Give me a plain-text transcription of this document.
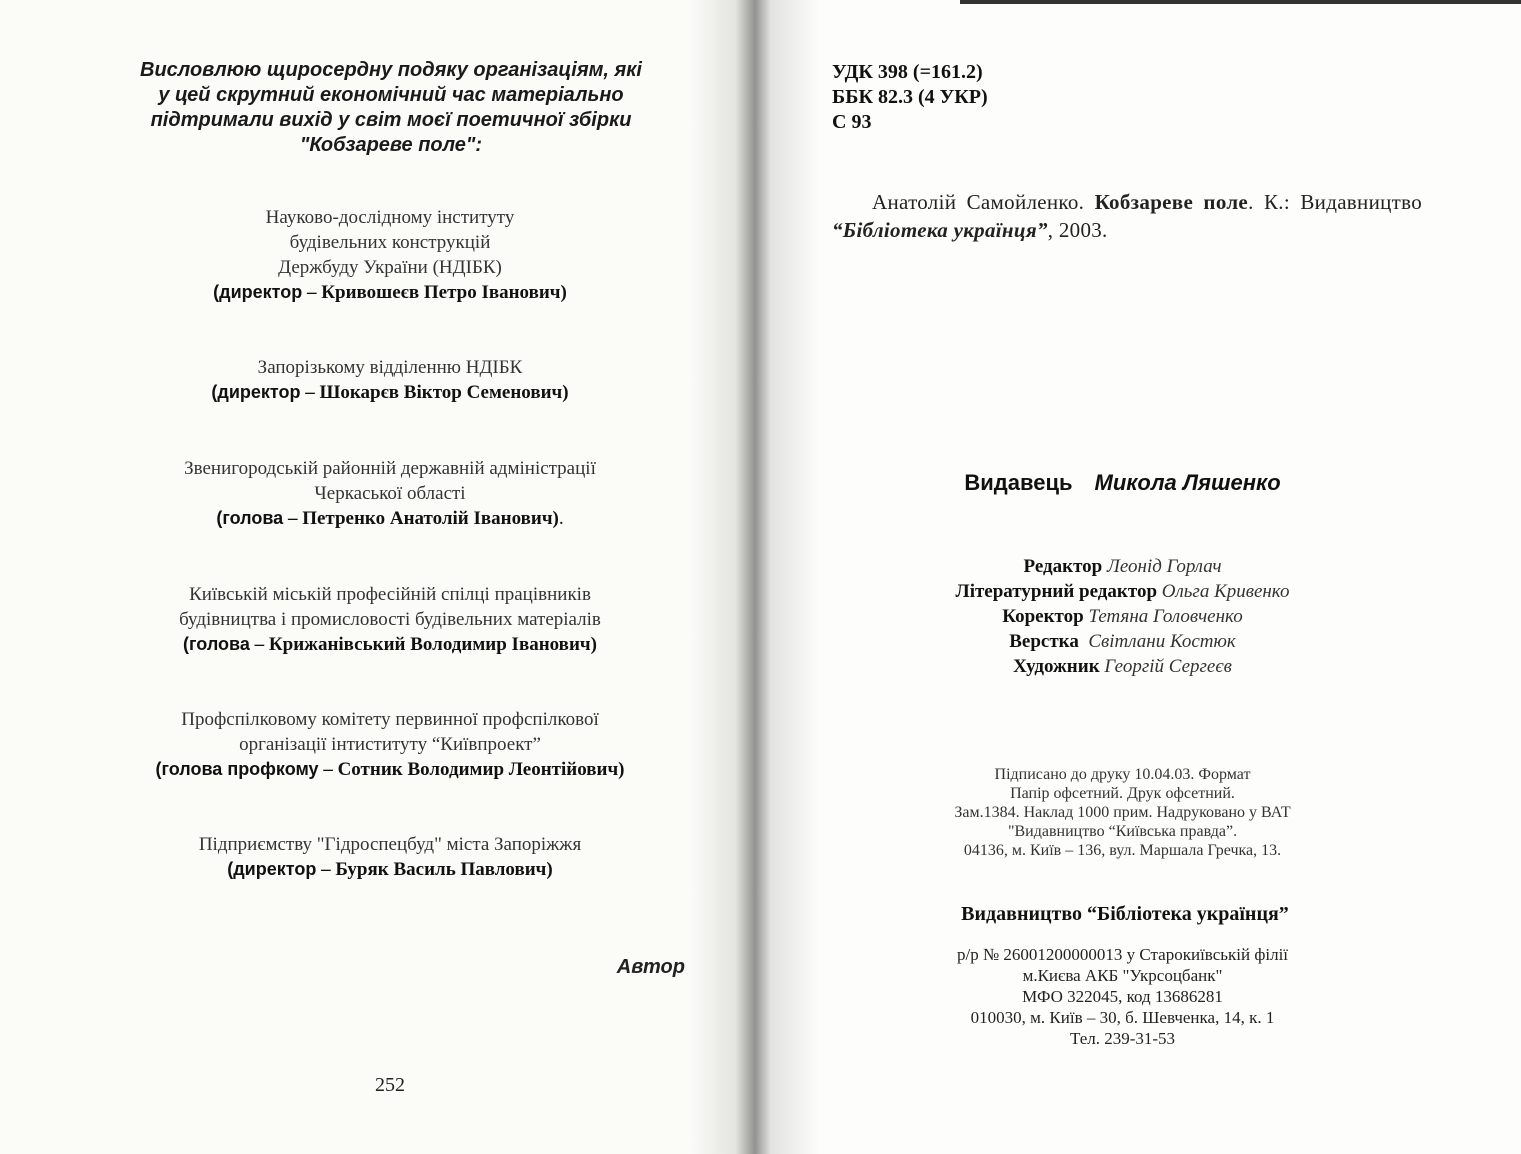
Висловлюю щиросердну подяку організаціям, які
у цей скрутний економічний час матеріально
підтримали вихід у світ моєї поетичної збірки
"Кобзареве поле":
Науково-дослідному інституту
будівельних конструкцій
Держбуду України (НДІБК)
(директор – Кривошеєв Петро Іванович)
Запорізькому відділенню НДІБК
(директор – Шокарєв Віктор Семенович)
Звенигородській районній державній адміністрації
Черкаської області
(голова – Петренко Анатолій Іванович).
Київській міській професійній спілці працівників
будівництва і промисловості будівельних матеріалів
(голова – Крижанівський Володимир Іванович)
Профспілковому комітету первинної профспілкової
організації інтиституту “Київпроект”
(голова профкому – Сотник Володимир Леонтійович)
Підприємству "Гідроспецбуд" міста Запоріжжя
(директор – Буряк Василь Павлович)
Автор
252
УДК 398 (=161.2)
ББК 82.3 (4 УКР)
С 93
Анатолій Самойленко. Кобзареве поле. К.: Видавництво “Бібліотека українця”, 2003.
Видавець Микола Ляшенко
Редактор Леонід Горлач
Літературний редактор Ольга Кривенко
Коректор Тетяна Головченко
Верстка Світлани Костюк
Художник Георгій Сергеєв
Підписано до друку 10.04.03. Формат
Папір офсетний. Друк офсетний.
Зам.1384. Наклад 1000 прим. Надруковано у ВАТ
"Видавництво “Київська правда”.
04136, м. Київ – 136, вул. Маршала Гречка, 13.
Видавництво “Бібліотека українця”
р/р № 26001200000013 у Старокиївській філії
м.Києва АКБ "Укрсоцбанк"
МФО 322045, код 13686281
010030, м. Київ – 30, б. Шевченка, 14, к. 1
Тел. 239-31-53
